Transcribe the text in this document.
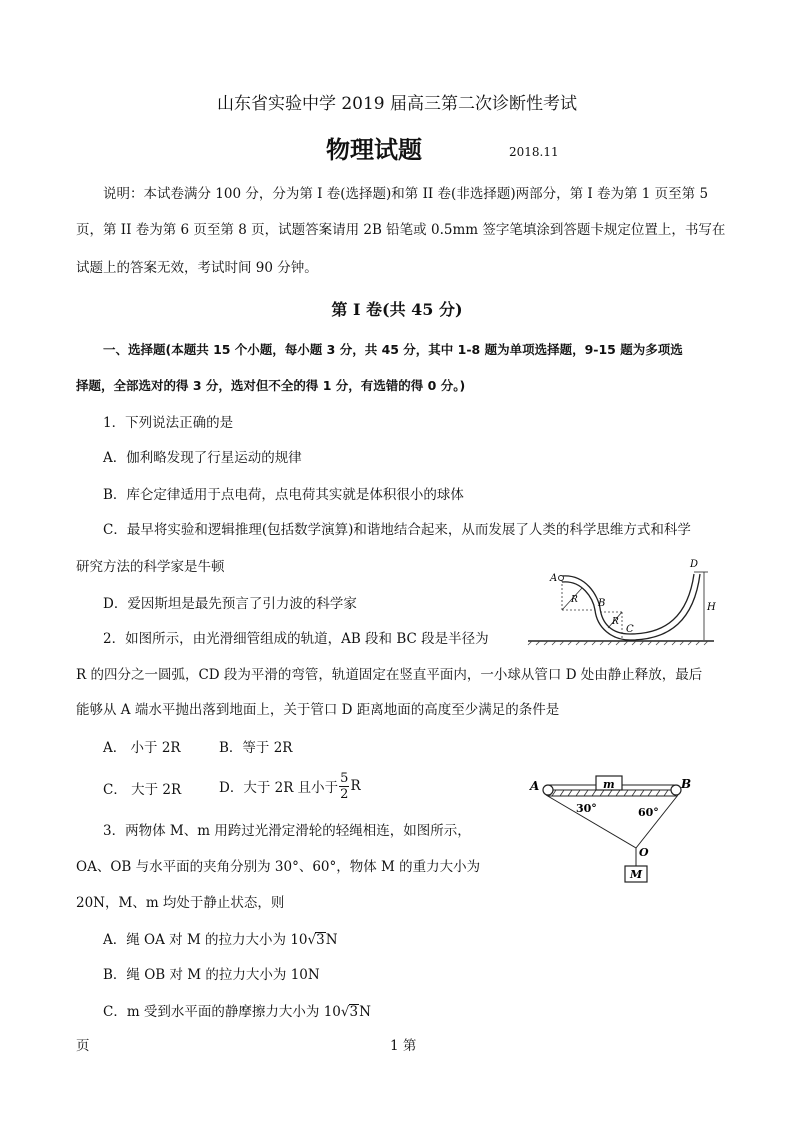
山东省实验中学 2019 届高三第二次诊断性考试
物理试题	2018.11
说明：本试卷满分 100 分，分为第 I 卷(选择题)和第 II 卷(非选择题)两部分，第 I 卷为第 1 页至第 5
页，第 II 卷为第 6 页至第 8 页，试题答案请用 2B 铅笔或 0.5mm 签字笔填涂到答题卡规定位置上，书写在
试题上的答案无效，考试时间 90 分钟。
第 I 卷(共 45 分)
一、选择题(本题共 15 个小题，每小题 3 分，共 45 分，其中 1-8 题为单项选择题，9-15 题为多项选
择题，全部选对的得 3 分，选对但不全的得 1 分，有选错的得 0 分。)
1．下列说法正确的是
A．伽利略发现了行星运动的规律
B．库仑定律适用于点电荷，点电荷其实就是体积很小的球体
C．最早将实验和逻辑推理(包括数学演算)和谐地结合起来，从而发展了人类的科学思维方式和科学
研究方法的科学家是牛顿
D．爱因斯坦是最先预言了引力波的科学家
2．如图所示，由光滑细管组成的轨道，AB 段和 BC 段是半径为
R 的四分之一圆弧，CD 段为平滑的弯管，轨道固定在竖直平面内，一小球从管口 D 处由静止释放，最后
能够从 A 端水平抛出落到地面上，关于管口 D 距离地面的高度至少满足的条件是
A． 小于 2R	B．等于 2R
C． 大于 2R	D．大于 2R 且小于 $\frac{5}{2}$ R
A
B
C
D
R
R
H
3．两物体 M、m 用跨过光滑定滑轮的轻绳相连，如图所示，
OA、OB 与水平面的夹角分别为 30°、60°，物体 M 的重力大小为
20N，M、m 均处于静止状态，则
A．绳 OA 对 M 的拉力大小为 10√3N
B．绳 OB 对 M 的拉力大小为 10N
C．m 受到水平面的静摩擦力大小为 10√3N
A	B
m
30°	60°
O
M
页	1 第
